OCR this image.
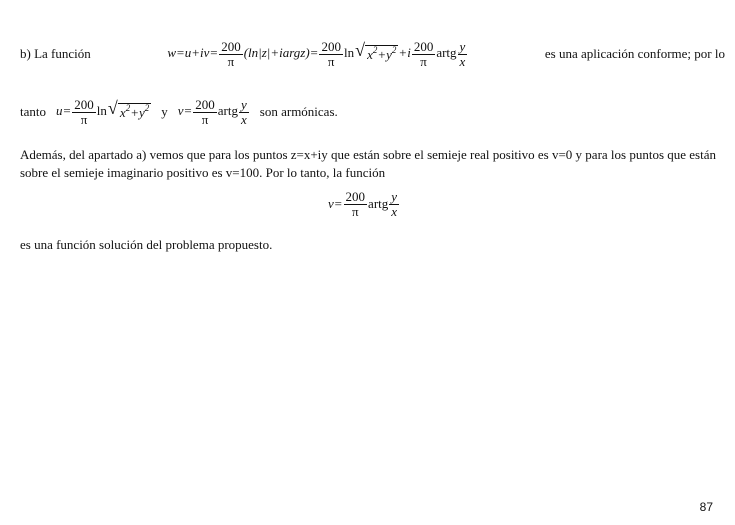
b) La función	$w=u+iv= \frac{200}{\pi}$ (ln|z|+iargz)= $\frac{200}{\pi}$ ln √ $x^2+y^2 +i \frac{200}{\pi}$ artg $\frac{y}{x}$	es una aplicación conforme; por lo
tanto $u= \frac{200}{\pi}$ ln √ $x^2+y^2$ y $v= \frac{200}{\pi}$ artg $\frac{y}{x}$ son armónicas.
Además, del apartado a) vemos que para los puntos z=x+iy que están sobre el semieje real positivo es v=0 y para los puntos que están sobre el semieje imaginario positivo es v=100. Por lo tanto, la función
$v= \frac{200}{\pi}$ artg $\frac{y}{x}$
es una función solución del problema propuesto.
87
